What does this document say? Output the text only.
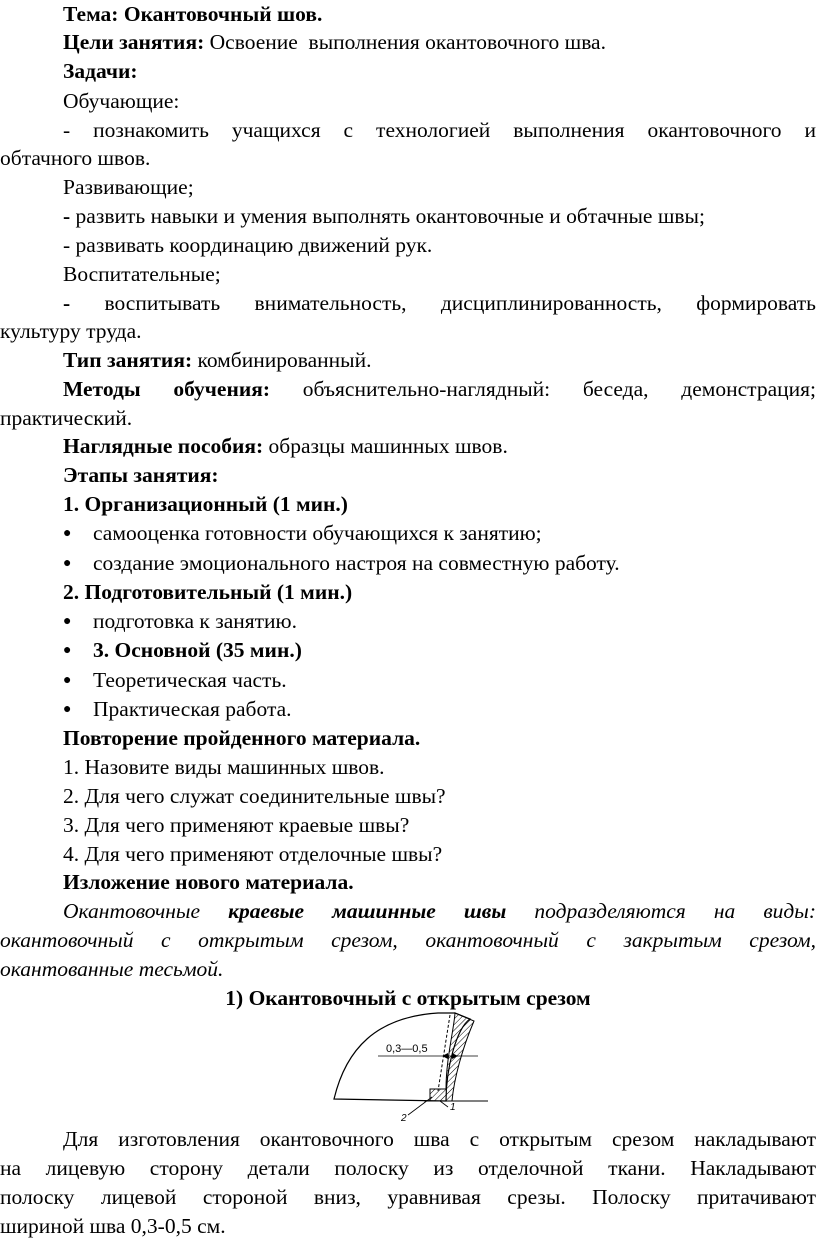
Тема: Окантовочный шов.
Цели занятия: Освоение  выполнения окантовочного шва.
Задачи:
Обучающие:
- познакомить учащихся с технологией выполнения окантовочного и
обтачного швов.
Развивающие;
- развить навыки и умения выполнять окантовочные и обтачные швы;
- развивать координацию движений рук.
Воспитательные;
- воспитывать внимательность, дисциплинированность, формировать
культуру труда.
Тип занятия: комбинированный.
Методы обучения: объяснительно-наглядный: беседа, демонстрация;
практический.
Наглядные пособия: образцы машинных швов.
Этапы занятия:
1. Организационный (1 мин.)
● самооценка готовности обучающихся к занятию;
● создание эмоционального настроя на совместную работу.
2. Подготовительный (1 мин.)
● подготовка к занятию.
● 3. Основной (35 мин.)
● Теоретическая часть.
● Практическая работа.
Повторение пройденного материала.
1. Назовите виды машинных швов.
2. Для чего служат соединительные швы?
3. Для чего применяют краевые швы?
4. Для чего применяют отделочные швы?
Изложение нового материала.
Окантовочные краевые машинные швы подразделяются на виды:
окантовочный с открытым срезом, окантовочный с закрытым срезом,
окантованные тесьмой.
1) Окантовочный с открытым срезом
0,3—0,5
1
2
Для изготовления окантовочного шва с открытым срезом накладывают
на лицевую сторону детали полоску из отделочной ткани. Накладывают
полоску лицевой стороной вниз, уравнивая срезы. Полоску притачивают
шириной шва 0,3-0,5 см.
